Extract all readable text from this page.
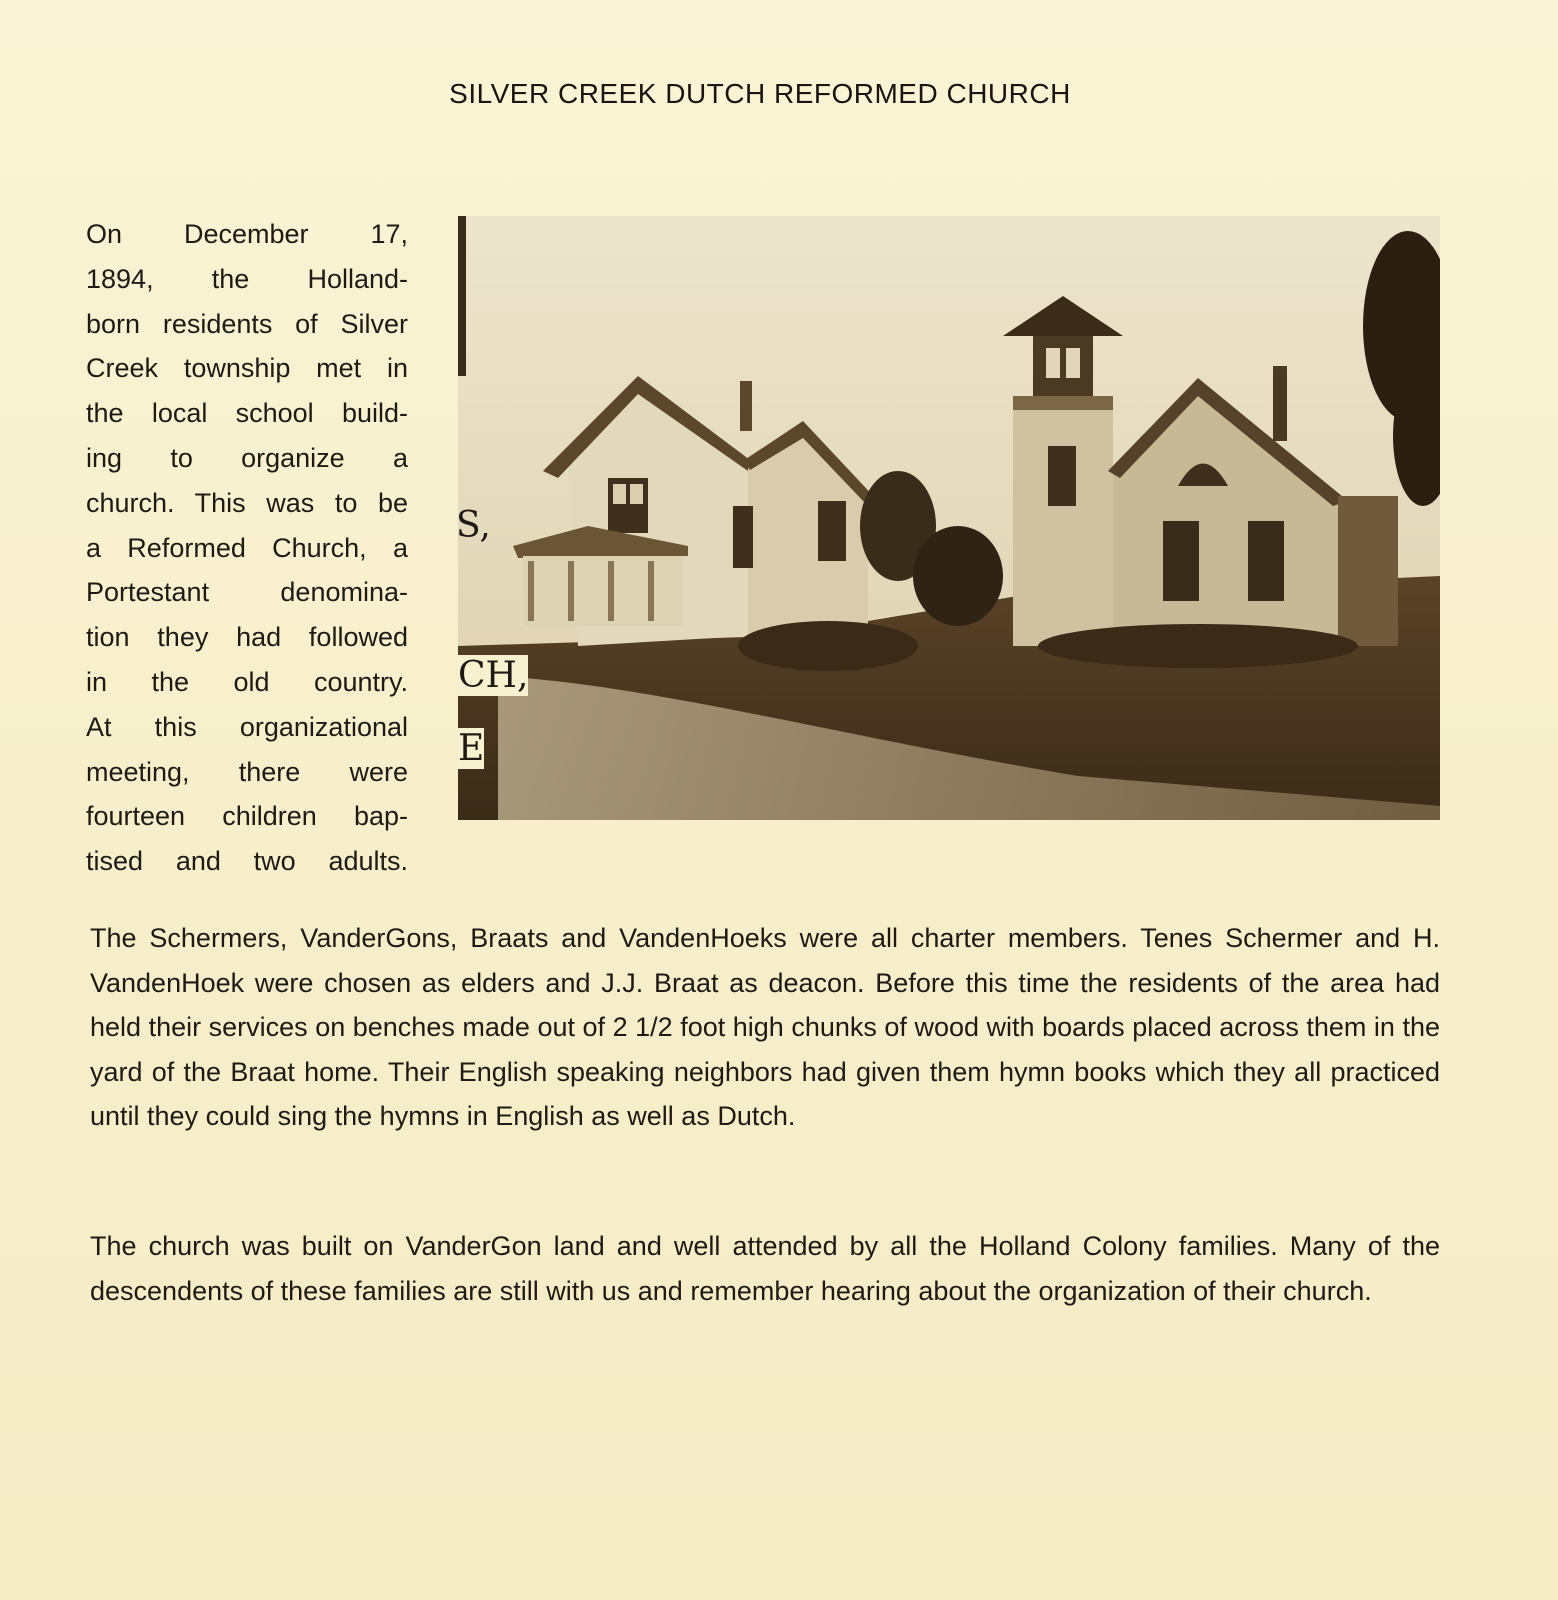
SILVER CREEK DUTCH REFORMED CHURCH
On December 17,
1894, the Holland-
born residents of Silver
Creek township met in
the local school build-
ing to organize a
church. This was to be
a Reformed Church, a
Portestant denomina-
tion they had followed
in the old country.
At this organizational
meeting, there were
fourteen children bap-
tised and two adults.
S,
CH,
E
The Schermers, VanderGons, Braats and VandenHoeks were all charter members. Tenes Schermer and H. VandenHoek were chosen as elders and J.J. Braat as deacon. Before this time the residents of the area had held their services on benches made out of 2 1/2 foot high chunks of wood with boards placed across them in the yard of the Braat home. Their English speaking neighbors had given them hymn books which they all practiced until they could sing the hymns in English as well as Dutch.
The church was built on VanderGon land and well attended by all the Holland Colony families. Many of the descendents of these families are still with us and remember hearing about the organization of their church.
